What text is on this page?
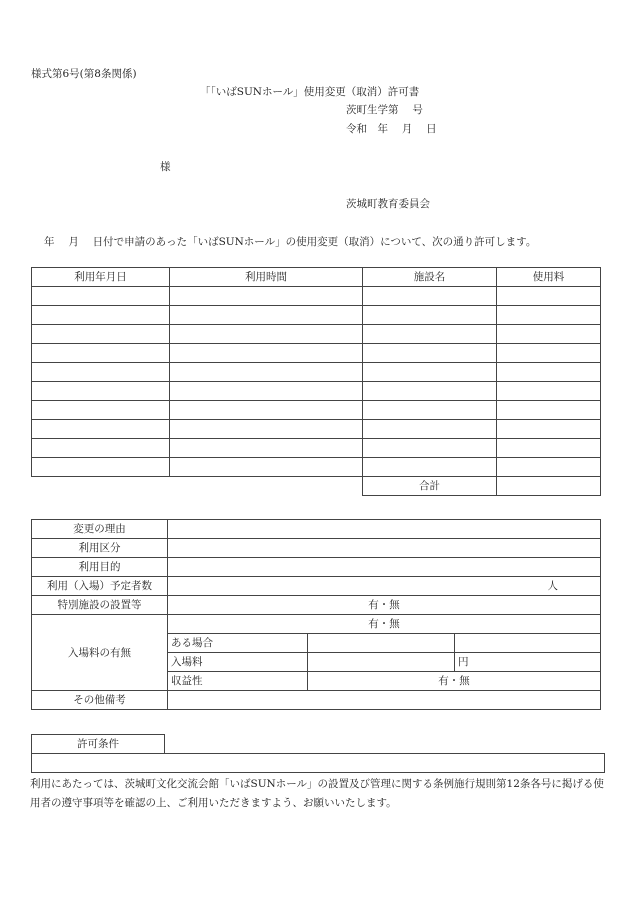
様式第6号(第8条関係)
「「いばSUNホール」使用変更（取消）許可書
茨町生学第　 号
令和　年　 月　 日
様
茨城町教育委員会
年　 月　 日付で申請のあった「いばSUNホール」の使用変更（取消）について、次の通り許可します。
利用年月日	利用時間	施設名	使用料

		合計	
変更の理由			
利用区分			
利用目的			
利用（入場）予定者数	人		
特別施設の設置等	有・無		
入場料の有無	有・無		
	ある場合		
	入場料		円
	収益性	有・無	
その他備考			
許可条件
利用にあたっては、茨城町文化交流会館「いばSUNホール」の設置及び管理に関する条例施行規則第12条各号に掲げる使用者の遵守事項等を確認の上、ご利用いただきますよう、お願いいたします。
